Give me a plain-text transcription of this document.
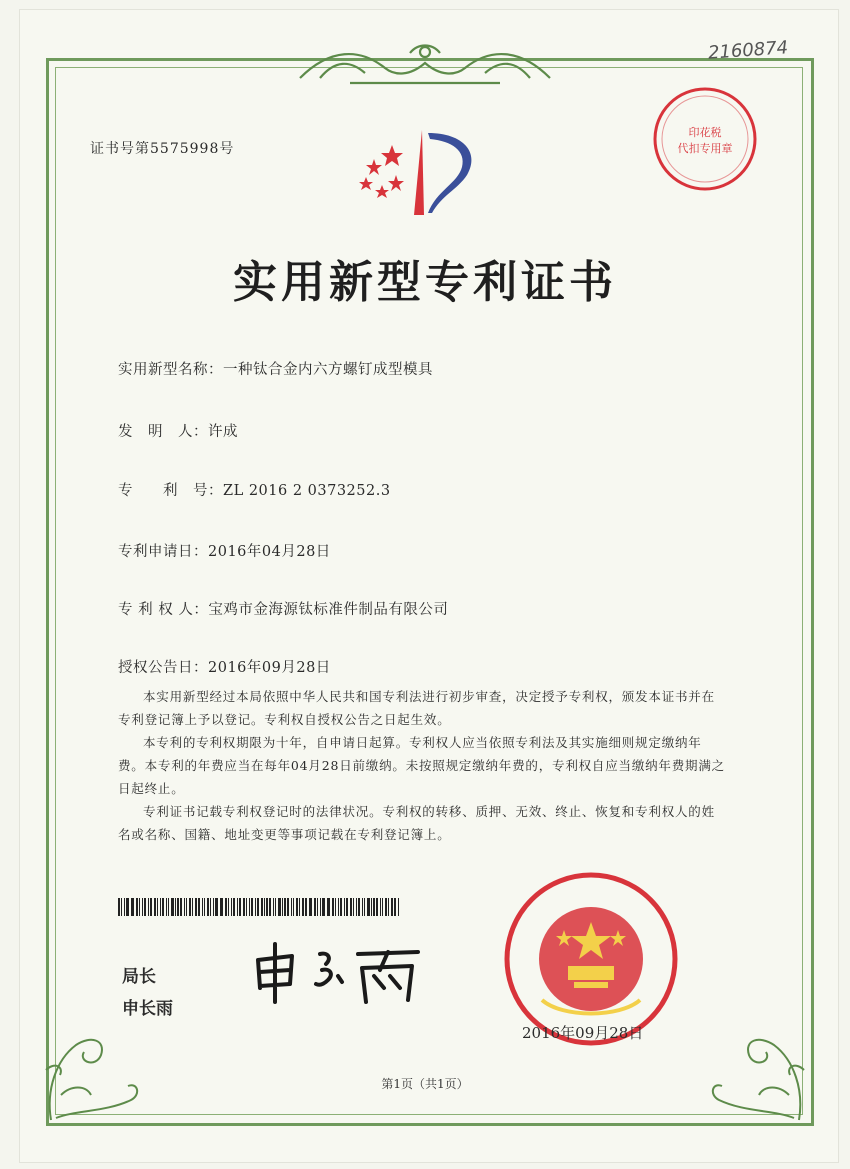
2160874
印花税
代扣专用章
证书号第5575998号
实用新型专利证书
实用新型名称：一种钛合金内六方螺钉成型模具
发　明　人：许成
专　　利　号：ZL 2016 2 0373252.3
专利申请日：2016年04月28日
专 利 权 人：宝鸡市金海源钛标准件制品有限公司
授权公告日：2016年09月28日

本实用新型经过本局依照中华人民共和国专利法进行初步审查，决定授予专利权，颁发本证书并在专利登记簿上予以登记。专利权自授权公告之日起生效。

本专利的专利权期限为十年，自申请日起算。专利权人应当依照专利法及其实施细则规定缴纳年费。本专利的年费应当在每年04月28日前缴纳。未按照规定缴纳年费的，专利权自应当缴纳年费期满之日起终止。

专利证书记载专利权登记时的法律状况。专利权的转移、质押、无效、终止、恢复和专利权人的姓名或名称、国籍、地址变更等事项记载在专利登记簿上。

局长
申长雨
2016年09月28日
第1页（共1页）
